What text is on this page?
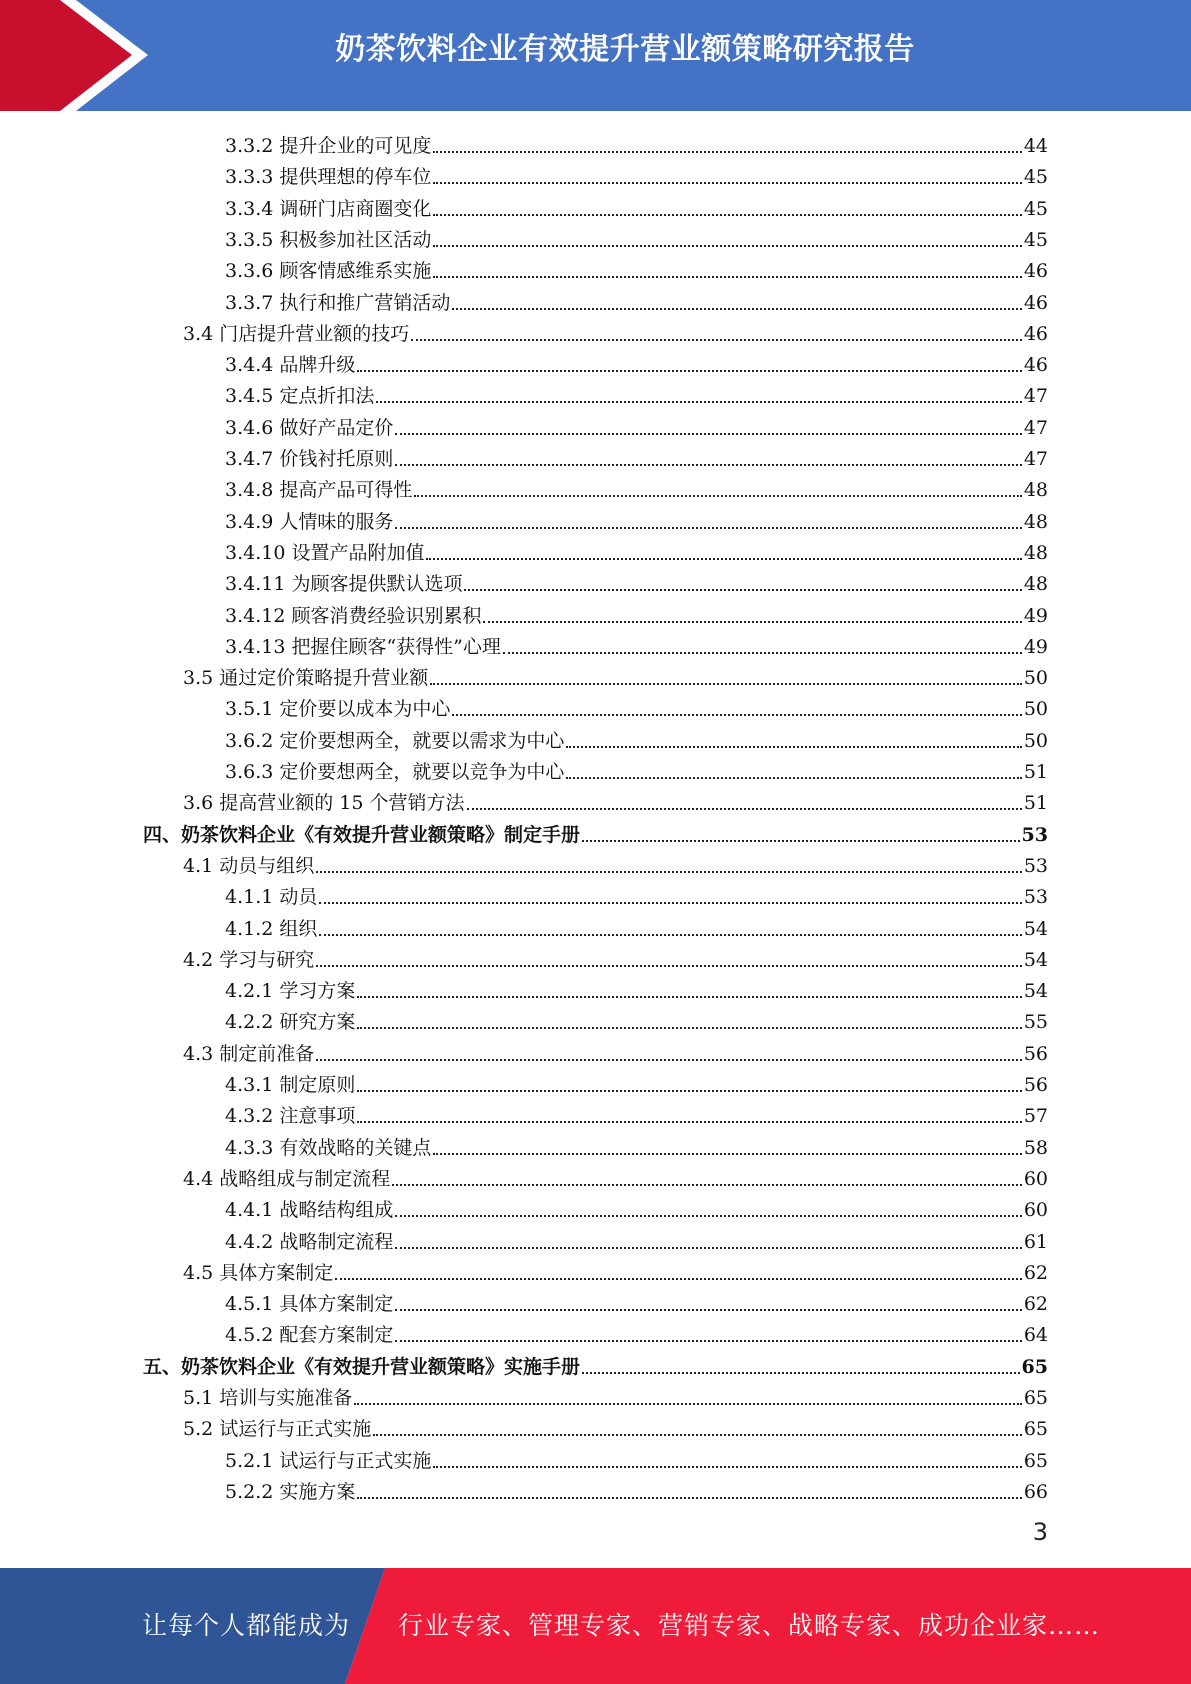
奶茶饮料企业有效提升营业额策略研究报告
3.3.2 提升企业的可见度	44
3.3.3 提供理想的停车位	45
3.3.4 调研门店商圈变化	45
3.3.5 积极参加社区活动	45
3.3.6 顾客情感维系实施	46
3.3.7 执行和推广营销活动	46
3.4 门店提升营业额的技巧	46
3.4.4 品牌升级	46
3.4.5 定点折扣法	47
3.4.6 做好产品定价	47
3.4.7 价钱衬托原则	47
3.4.8 提高产品可得性	48
3.4.9 人情味的服务	48
3.4.10 设置产品附加值	48
3.4.11 为顾客提供默认选项	48
3.4.12 顾客消费经验识别累积	49
3.4.13 把握住顾客“获得性”心理	49
3.5 通过定价策略提升营业额	50
3.5.1 定价要以成本为中心	50
3.6.2 定价要想两全，就要以需求为中心	50
3.6.3 定价要想两全，就要以竞争为中心	51
3.6 提高营业额的 15 个营销方法	51
四、奶茶饮料企业《有效提升营业额策略》制定手册	53
4.1 动员与组织	53
4.1.1 动员	53
4.1.2 组织	54
4.2 学习与研究	54
4.2.1 学习方案	54
4.2.2 研究方案	55
4.3 制定前准备	56
4.3.1 制定原则	56
4.3.2 注意事项	57
4.3.3 有效战略的关键点	58
4.4 战略组成与制定流程	60
4.4.1 战略结构组成	60
4.4.2 战略制定流程	61
4.5 具体方案制定	62
4.5.1 具体方案制定	62
4.5.2 配套方案制定	64
五、奶茶饮料企业《有效提升营业额策略》实施手册	65
5.1 培训与实施准备	65
5.2 试运行与正式实施	65
5.2.1 试运行与正式实施	65
5.2.2 实施方案	66
3
让每个人都能成为 行业专家、管理专家、营销专家、战略专家、成功企业家……
